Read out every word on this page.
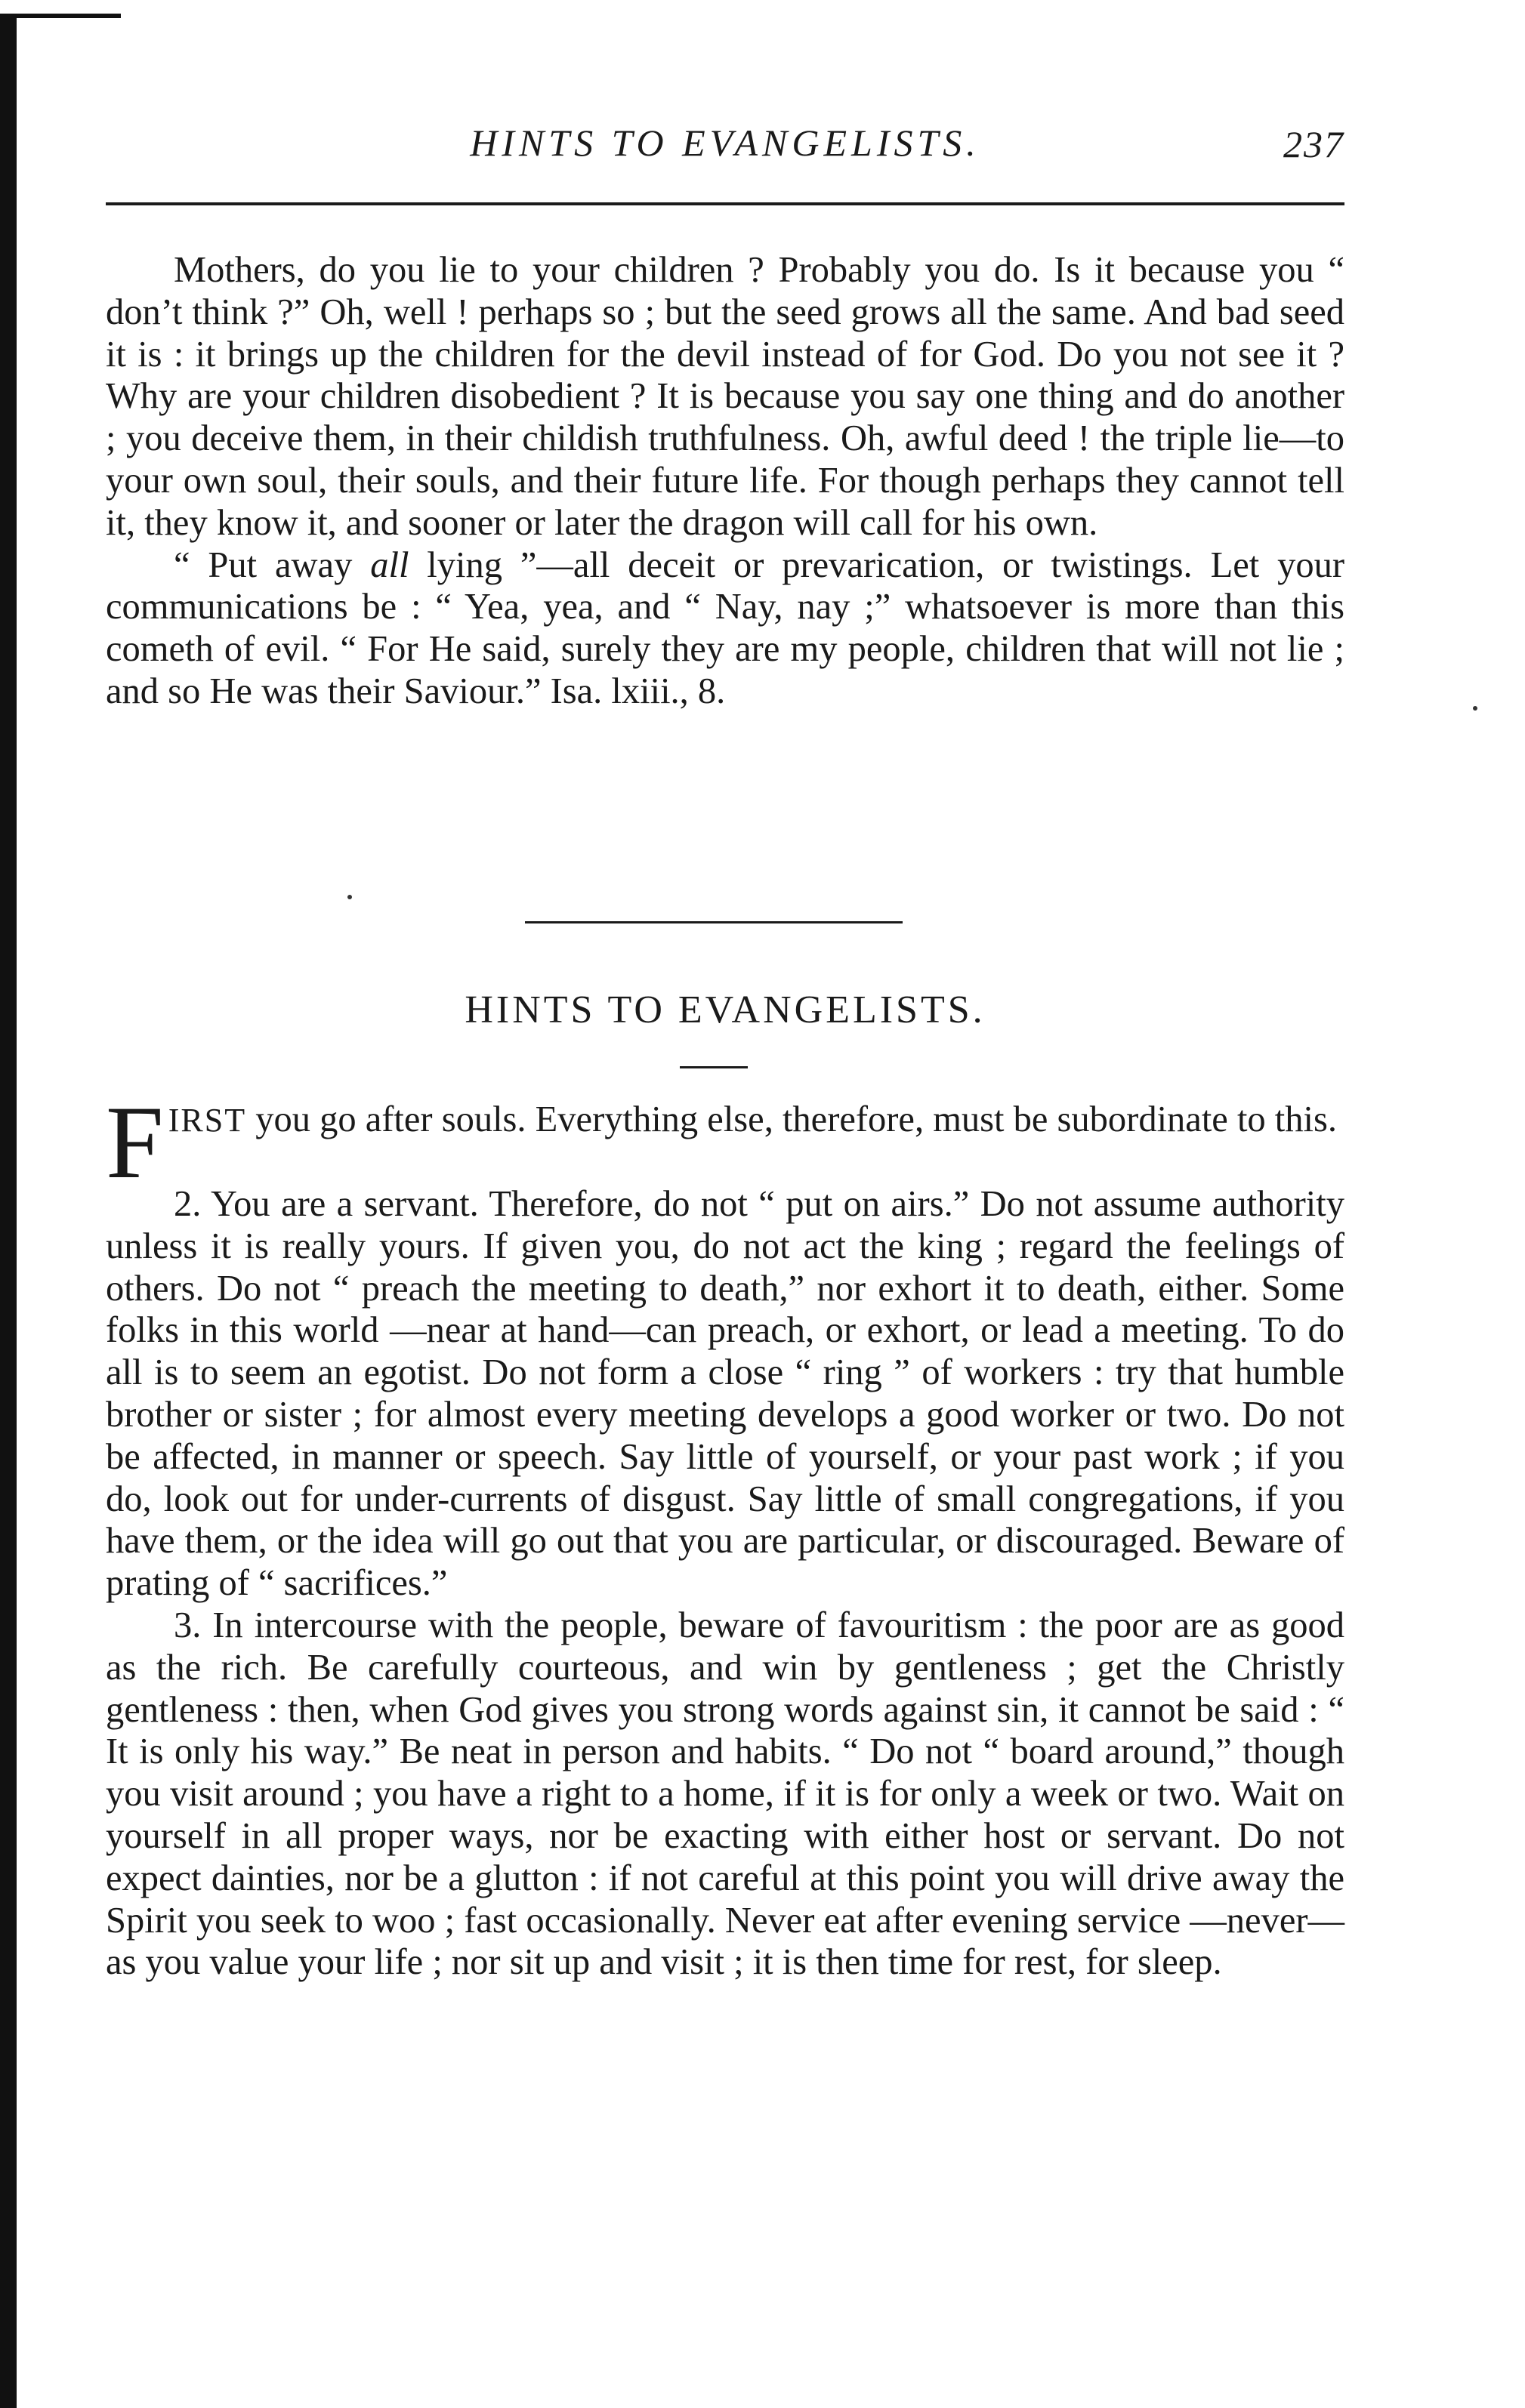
HINTS TO EVANGELISTS.	237

Mothers, do you lie to your children ? Probably you do. Is it because you “ don’t think ?” Oh, well ! perhaps so ; but the seed grows all the same. And bad seed it is : it brings up the children for the devil instead of for God. Do you not see it ? Why are your children disobedient ? It is because you say one thing and do another ; you deceive them, in their childish truthfulness. Oh, awful deed ! the triple lie—to your own soul, their souls, and their future life. For though perhaps they cannot tell it, they know it, and sooner or later the dragon will call for his own.

“ Put away all lying ”—all deceit or prevarication, or twistings. Let your communications be : “ Yea, yea, and “ Nay, nay ;” whatsoever is more than this cometh of evil. “ For He said, surely they are my people, children that will not lie ; and so He was their Saviour.” Isa. lxiii., 8.

HINTS TO EVANGELISTS.

FIRST you go after souls. Everything else, therefore, must be subordinate to this.

2. You are a servant. Therefore, do not “ put on airs.” Do not assume authority unless it is really yours. If given you, do not act the king ; regard the feelings of others. Do not “ preach the meeting to death,” nor exhort it to death, either. Some folks in this world —near at hand—can preach, or exhort, or lead a meeting. To do all is to seem an egotist. Do not form a close “ ring ” of workers : try that humble brother or sister ; for almost every meeting develops a good worker or two. Do not be affected, in manner or speech. Say little of yourself, or your past work ; if you do, look out for under-currents of disgust. Say little of small congregations, if you have them, or the idea will go out that you are particular, or discouraged. Beware of prating of “ sacrifices.”

3. In intercourse with the people, beware of favouritism : the poor are as good as the rich. Be carefully courteous, and win by gentleness ; get the Christly gentleness : then, when God gives you strong words against sin, it cannot be said : “ It is only his way.” Be neat in person and habits. “ Do not “ board around,” though you visit around ; you have a right to a home, if it is for only a week or two. Wait on yourself in all proper ways, nor be exacting with either host or servant. Do not expect dainties, nor be a glutton : if not careful at this point you will drive away the Spirit you seek to woo ; fast occasionally. Never eat after evening service —never—as you value your life ; nor sit up and visit ; it is then time for rest, for sleep.
